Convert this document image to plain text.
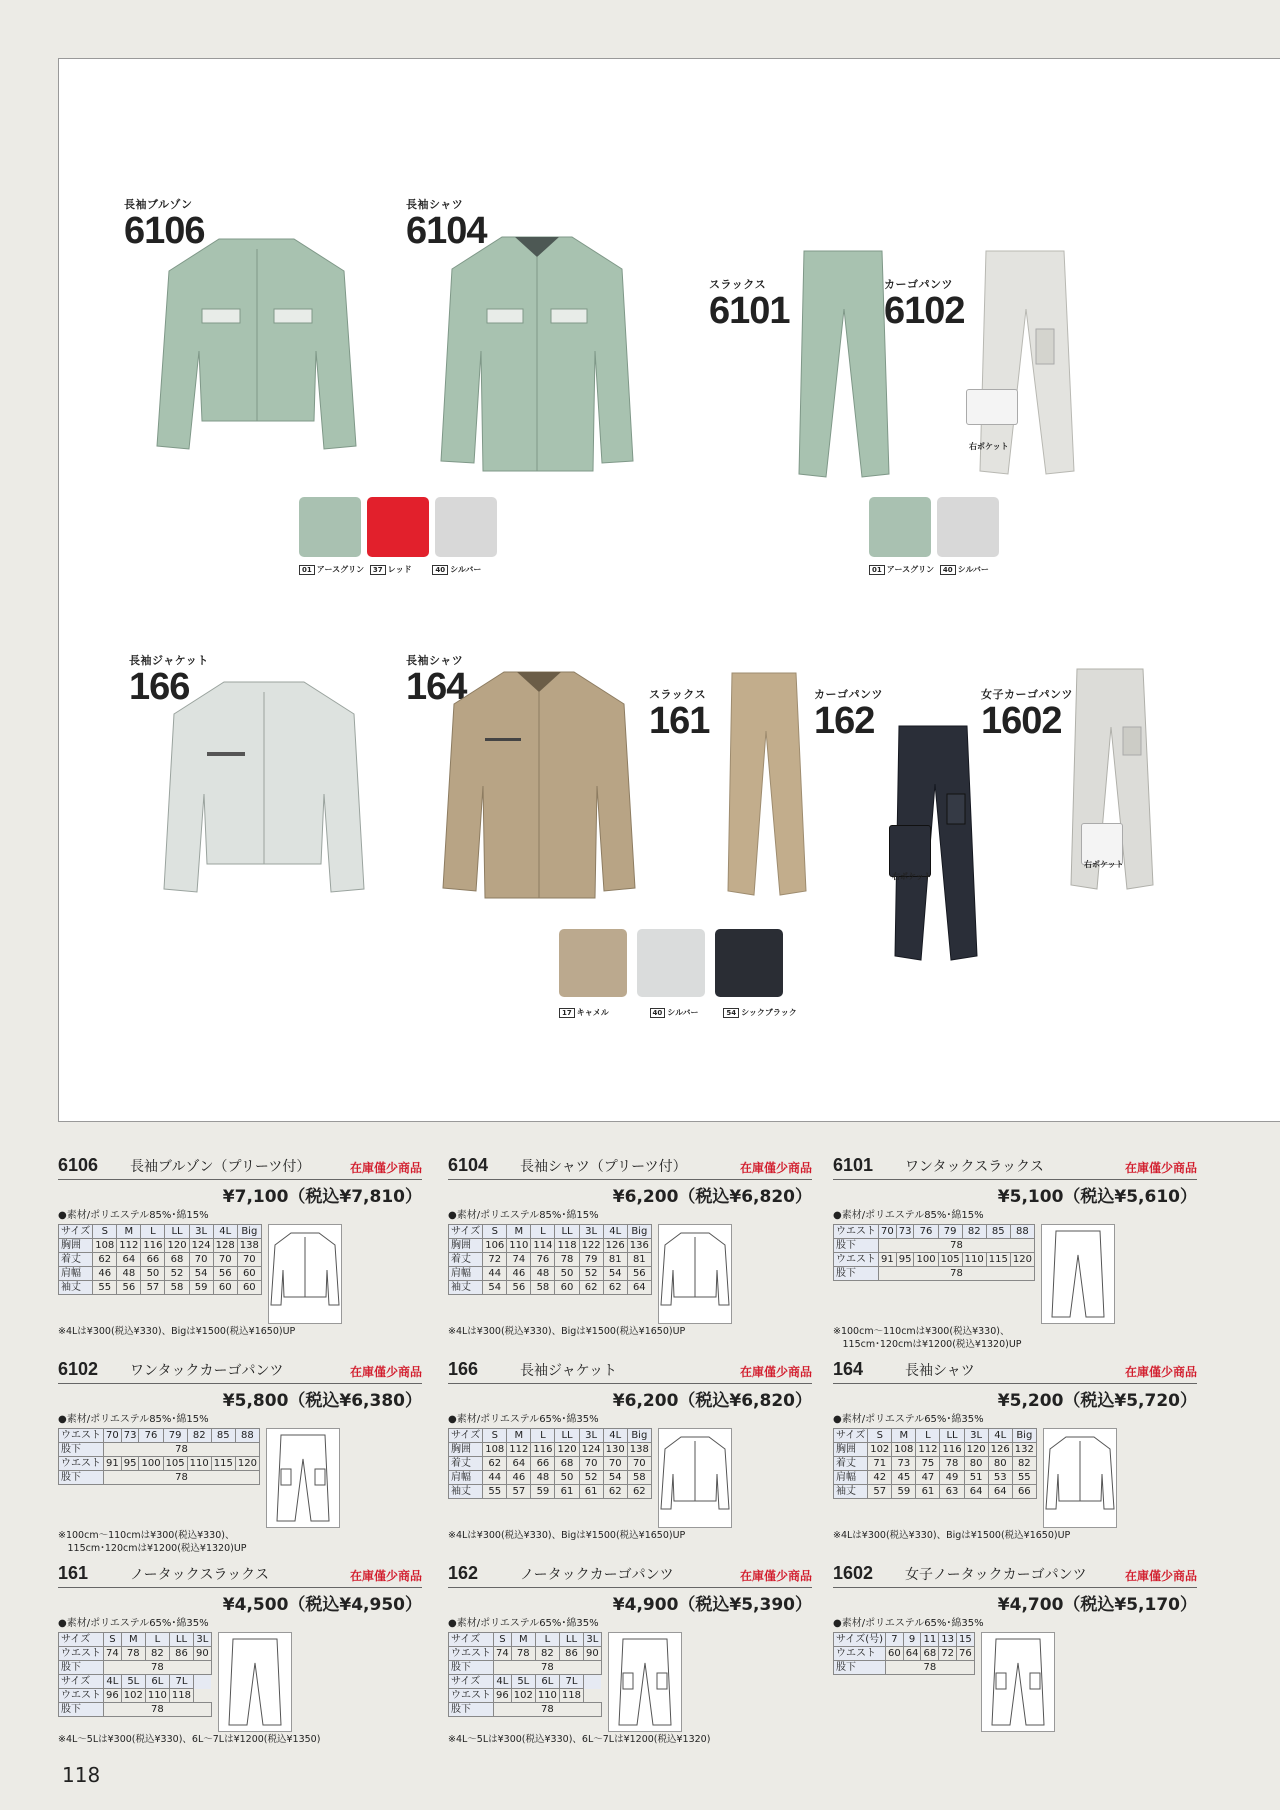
長袖ブルゾン
6106
長袖シャツ
6104
スラックス
6101
カーゴパンツ
6102
右ポケット
01 アースグリン 37 レッド	40 シルバー	01 アースグリン 40 シルバー
長袖ジャケット
166
長袖シャツ
164	スラックス
161
カーゴパンツ
162
右ポケット
女子カーゴパンツ
1602
右ポケット
17 キャメル	40 シルバー	54 シックブラック
6106	長袖ブルゾン（プリーツ付）	在庫僅少商品
¥7,100（税込¥7,810）
●素材/ポリエステル85%･綿15%
サイズ	S	M	L	LL	3L	4L	Big
胸囲	108	112	116	120	124	128	138
着丈	62	64	66	68	70	70	70
肩幅	46	48	50	52	54	56	60
袖丈	55	56	57	58	59	60	60
※4Lは¥300(税込¥330)、Bigは¥1500(税込¥1650)UP
6104	長袖シャツ（プリーツ付）	在庫僅少商品
¥6,200（税込¥6,820）
●素材/ポリエステル85%･綿15%
サイズ	S	M	L	LL	3L	4L	Big
胸囲	106	110	114	118	122	126	136
着丈	72	74	76	78	79	81	81
肩幅	44	46	48	50	52	54	56
袖丈	54	56	58	60	62	62	64
※4Lは¥300(税込¥330)、Bigは¥1500(税込¥1650)UP
6101	ワンタックスラックス	在庫僅少商品
¥5,100（税込¥5,610）
●素材/ポリエステル85%･綿15%
ウエスト	70	73	76	79	82	85	88
股下	78						
ウエスト	91	95	100	105	110	115	120
股下	78						
※100cm～110cmは¥300(税込¥330)、
　115cm･120cmは¥1200(税込¥1320)UP
6102	ワンタックカーゴパンツ	在庫僅少商品
¥5,800（税込¥6,380）
●素材/ポリエステル85%･綿15%
ウエスト	70	73	76	79	82	85	88
股下	78						
ウエスト	91	95	100	105	110	115	120
股下	78						
※100cm～110cmは¥300(税込¥330)、
　115cm･120cmは¥1200(税込¥1320)UP
166	長袖ジャケット	在庫僅少商品
¥6,200（税込¥6,820）
●素材/ポリエステル65%･綿35%
サイズ	S	M	L	LL	3L	4L	Big
胸囲	108	112	116	120	124	130	138
着丈	62	64	66	68	70	70	70
肩幅	44	46	48	50	52	54	58
袖丈	55	57	59	61	61	62	62
※4Lは¥300(税込¥330)、Bigは¥1500(税込¥1650)UP
164	長袖シャツ	在庫僅少商品
¥5,200（税込¥5,720）
●素材/ポリエステル65%･綿35%
サイズ	S	M	L	LL	3L	4L	Big
胸囲	102	108	112	116	120	126	132
着丈	71	73	75	78	80	80	82
肩幅	42	45	47	49	51	53	55
袖丈	57	59	61	63	64	64	66
※4Lは¥300(税込¥330)、Bigは¥1500(税込¥1650)UP
161	ノータックスラックス	在庫僅少商品
¥4,500（税込¥4,950）
●素材/ポリエステル65%･綿35%
サイズ	S	M	L	LL	3L
ウエスト	74	78	82	86	90
股下	78				
サイズ	4L	5L	6L	7L	
ウエスト	96	102	110	118	
股下	78				
※4L～5Lは¥300(税込¥330)、6L～7Lは¥1200(税込¥1350)
162	ノータックカーゴパンツ	在庫僅少商品
¥4,900（税込¥5,390）
●素材/ポリエステル65%･綿35%
サイズ	S	M	L	LL	3L
ウエスト	74	78	82	86	90
股下	78				
サイズ	4L	5L	6L	7L	
ウエスト	96	102	110	118	
股下	78				
※4L～5Lは¥300(税込¥330)、6L～7Lは¥1200(税込¥1320)
1602	女子ノータックカーゴパンツ	在庫僅少商品
¥4,700（税込¥5,170）
●素材/ポリエステル65%･綿35%
サイズ(号)	7	9	11	13	15
ウエスト	60	64	68	72	76
股下	78				
118
